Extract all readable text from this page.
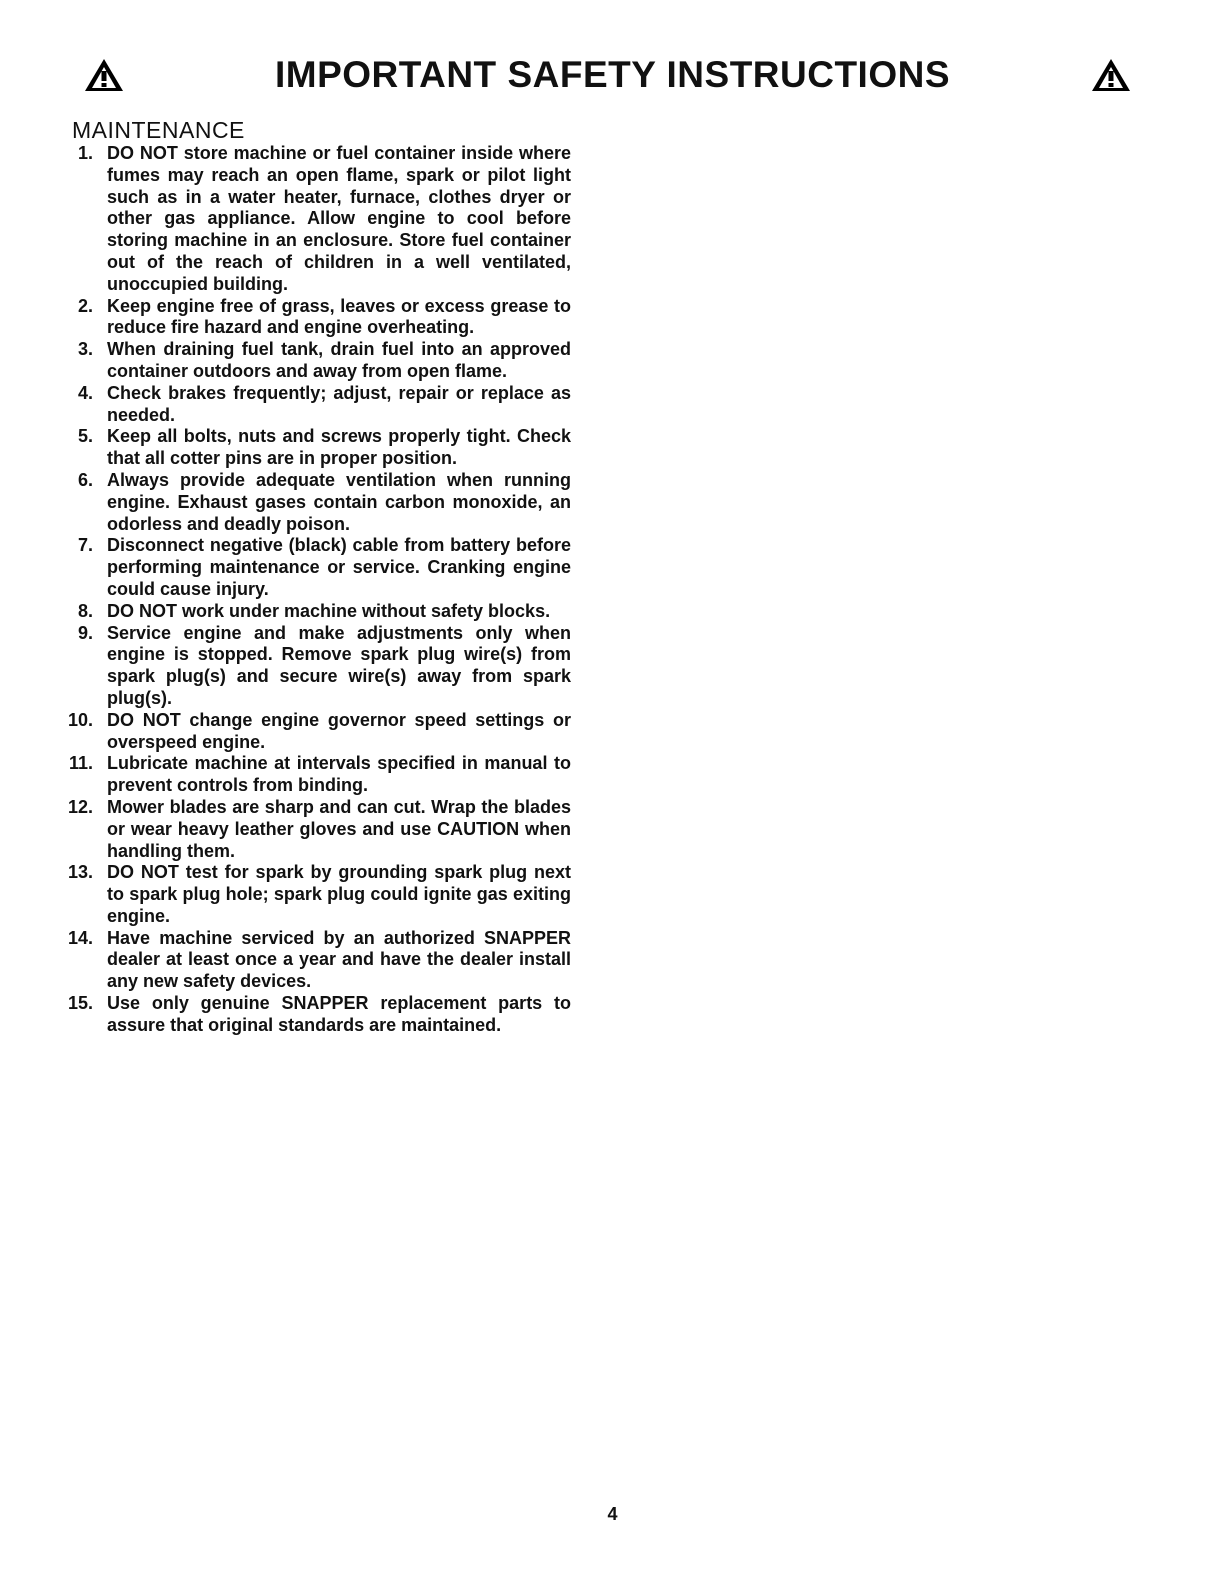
IMPORTANT SAFETY INSTRUCTIONS
MAINTENANCE
1. DO NOT store machine or fuel container inside where fumes may reach an open flame, spark or pilot light such as in a water heater, furnace, clothes dryer or other gas appliance. Allow engine to cool before storing machine in an enclosure. Store fuel container out of the reach of children in a well ventilated, unoccupied building.
2. Keep engine free of grass, leaves or excess grease to reduce fire hazard and engine overheating.
3. When draining fuel tank, drain fuel into an approved container outdoors and away from open flame.
4. Check brakes frequently; adjust, repair or replace as needed.
5. Keep all bolts, nuts and screws properly tight. Check that all cotter pins are in proper position.
6. Always provide adequate ventilation when running engine. Exhaust gases contain carbon monoxide, an odorless and deadly poison.
7. Disconnect negative (black) cable from battery before performing maintenance or service. Cranking engine could cause injury.
8. DO NOT work under machine without safety blocks.
9. Service engine and make adjustments only when engine is stopped. Remove spark plug wire(s) from spark plug(s) and secure wire(s) away from spark plug(s).
10. DO NOT change engine governor speed settings or overspeed engine.
11. Lubricate machine at intervals specified in manual to prevent controls from binding.
12. Mower blades are sharp and can cut. Wrap the blades or wear heavy leather gloves and use CAUTION when handling them.
13. DO NOT test for spark by grounding spark plug next to spark plug hole; spark plug could ignite gas exiting engine.
14. Have machine serviced by an authorized SNAPPER dealer at least once a year and have the dealer install any new safety devices.
15. Use only genuine SNAPPER replacement parts to assure that original standards are maintained.
4
